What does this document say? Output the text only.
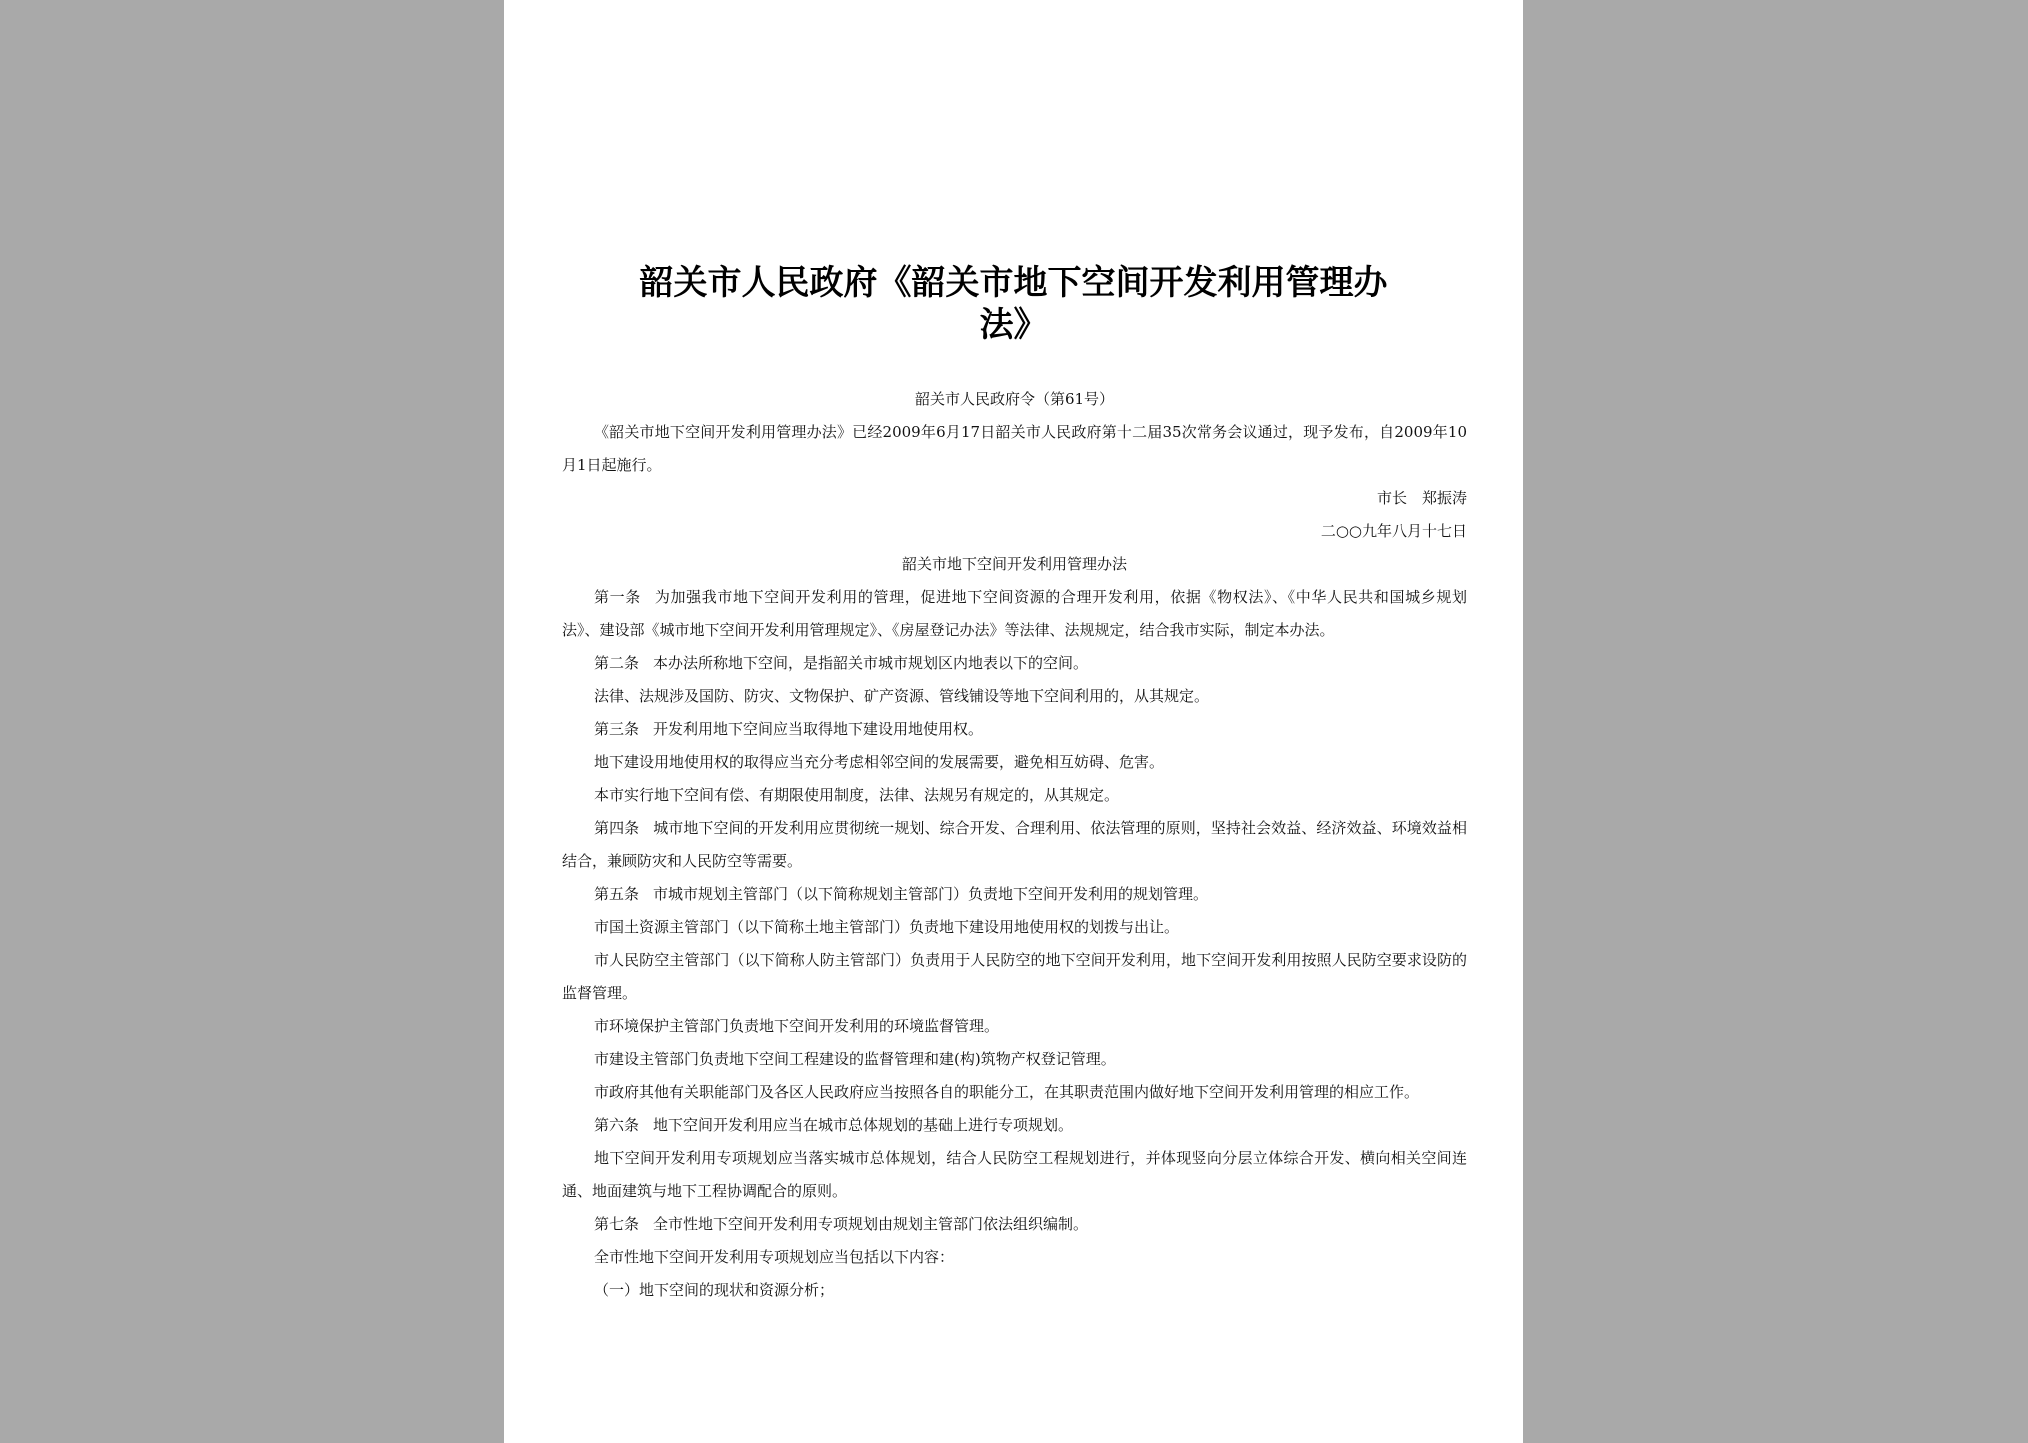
韶关市人民政府《韶关市地下空间开发利用管理办
法》

韶关市人民政府令（第61号）

《韶关市地下空间开发利用管理办法》已经2009年6月17日韶关市人民政府第十二届35次常务会议通过，现予发布，自2009年10月1日起施行。

市长　郑振涛

二○○九年八月十七日

韶关市地下空间开发利用管理办法

第一条 为加强我市地下空间开发利用的管理，促进地下空间资源的合理开发利用，依据《物权法》、《中华人民共和国城乡规划法》、建设部《城市地下空间开发利用管理规定》、《房屋登记办法》等法律、法规规定，结合我市实际，制定本办法。

第二条 本办法所称地下空间，是指韶关市城市规划区内地表以下的空间。

法律、法规涉及国防、防灾、文物保护、矿产资源、管线铺设等地下空间利用的，从其规定。

第三条 开发利用地下空间应当取得地下建设用地使用权。

地下建设用地使用权的取得应当充分考虑相邻空间的发展需要，避免相互妨碍、危害。

本市实行地下空间有偿、有期限使用制度，法律、法规另有规定的，从其规定。

第四条 城市地下空间的开发利用应贯彻统一规划、综合开发、合理利用、依法管理的原则，坚持社会效益、经济效益、环境效益相结合，兼顾防灾和人民防空等需要。

第五条 市城市规划主管部门（以下简称规划主管部门）负责地下空间开发利用的规划管理。

市国土资源主管部门（以下简称土地主管部门）负责地下建设用地使用权的划拨与出让。

市人民防空主管部门（以下简称人防主管部门）负责用于人民防空的地下空间开发利用，地下空间开发利用按照人民防空要求设防的监督管理。

市环境保护主管部门负责地下空间开发利用的环境监督管理。

市建设主管部门负责地下空间工程建设的监督管理和建(构)筑物产权登记管理。

市政府其他有关职能部门及各区人民政府应当按照各自的职能分工，在其职责范围内做好地下空间开发利用管理的相应工作。

第六条 地下空间开发利用应当在城市总体规划的基础上进行专项规划。

地下空间开发利用专项规划应当落实城市总体规划，结合人民防空工程规划进行，并体现竖向分层立体综合开发、横向相关空间连通、地面建筑与地下工程协调配合的原则。

第七条 全市性地下空间开发利用专项规划由规划主管部门依法组织编制。

全市性地下空间开发利用专项规划应当包括以下内容：

（一）地下空间的现状和资源分析；
